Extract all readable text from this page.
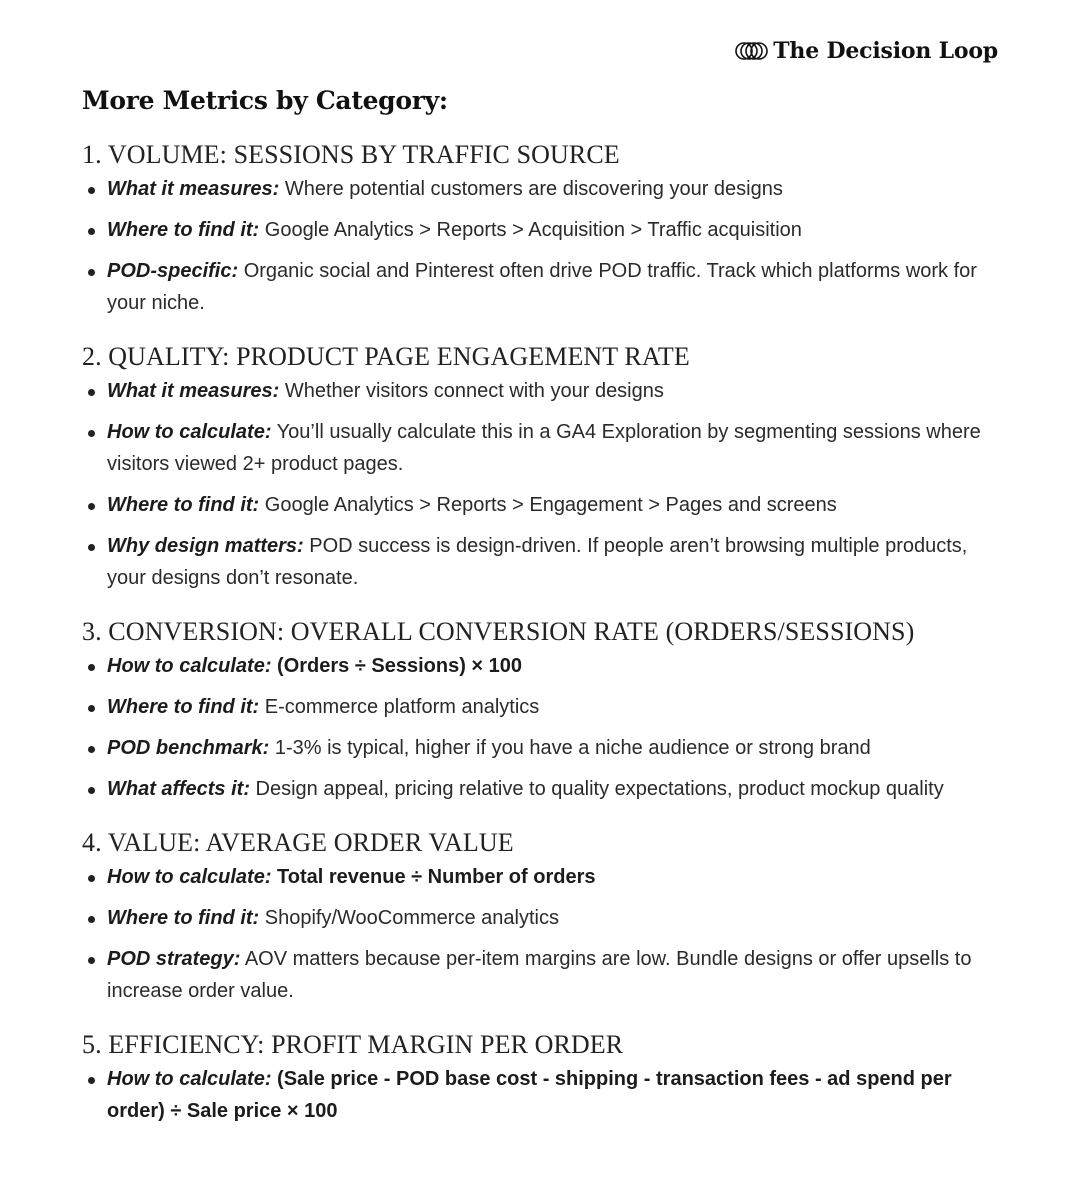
The Decision Loop
More Metrics by Category:
1. VOLUME: SESSIONS BY TRAFFIC SOURCE
What it measures: Where potential customers are discovering your designs
Where to find it: Google Analytics > Reports > Acquisition > Traffic acquisition
POD-specific: Organic social and Pinterest often drive POD traffic. Track which platforms work for your niche.
2. QUALITY: PRODUCT PAGE ENGAGEMENT RATE
What it measures: Whether visitors connect with your designs
How to calculate: You’ll usually calculate this in a GA4 Exploration by segmenting sessions where visitors viewed 2+ product pages.
Where to find it: Google Analytics > Reports > Engagement > Pages and screens
Why design matters: POD success is design-driven. If people aren’t browsing multiple products, your designs don’t resonate.
3. CONVERSION: OVERALL CONVERSION RATE (ORDERS/SESSIONS)
How to calculate: (Orders ÷ Sessions) × 100
Where to find it: E-commerce platform analytics
POD benchmark: 1-3% is typical, higher if you have a niche audience or strong brand
What affects it: Design appeal, pricing relative to quality expectations, product mockup quality
4. VALUE: AVERAGE ORDER VALUE
How to calculate: Total revenue ÷ Number of orders
Where to find it: Shopify/WooCommerce analytics
POD strategy: AOV matters because per-item margins are low. Bundle designs or offer upsells to increase order value.
5. EFFICIENCY: PROFIT MARGIN PER ORDER
How to calculate: (Sale price - POD base cost - shipping - transaction fees - ad spend per order) ÷ Sale price × 100
